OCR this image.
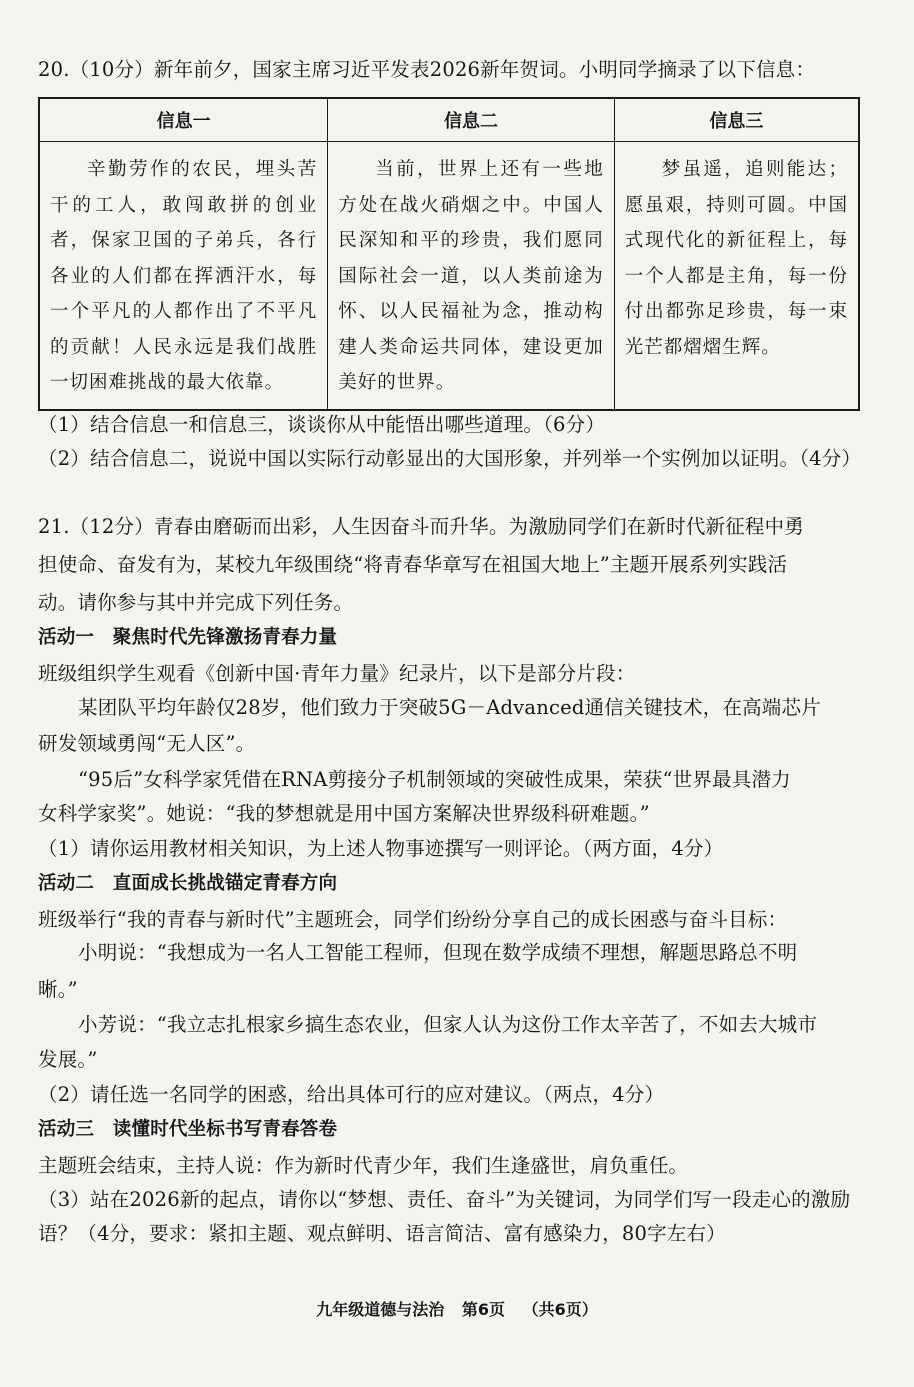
20.（10分）新年前夕，国家主席习近平发表2026新年贺词。小明同学摘录了以下信息：
信息一	信息二	信息三
辛勤劳作的农民，埋头苦干的工人，敢闯敢拼的创业者，保家卫国的子弟兵，各行各业的人们都在挥洒汗水，每一个平凡的人都作出了不平凡的贡献！人民永远是我们战胜一切困难挑战的最大依靠。	当前，世界上还有一些地方处在战火硝烟之中。中国人民深知和平的珍贵，我们愿同国际社会一道，以人类前途为怀、以人民福祉为念，推动构建人类命运共同体，建设更加美好的世界。	梦虽遥，追则能达；愿虽艰，持则可圆。中国式现代化的新征程上，每一个人都是主角，每一份付出都弥足珍贵，每一束光芒都熠熠生辉。
（1）结合信息一和信息三，谈谈你从中能悟出哪些道理。（6分）
（2）结合信息二，说说中国以实际行动彰显出的大国形象，并列举一个实例加以证明。（4分）
21.（12分）青春由磨砺而出彩，人生因奋斗而升华。为激励同学们在新时代新征程中勇
担使命、奋发有为，某校九年级围绕“将青春华章写在祖国大地上”主题开展系列实践活
动。请你参与其中并完成下列任务。
活动一　聚焦时代先锋激扬青春力量
班级组织学生观看《创新中国·青年力量》纪录片，以下是部分片段：
某团队平均年龄仅28岁，他们致力于突破5G－Advanced通信关键技术，在高端芯片
研发领域勇闯“无人区”。
“95后”女科学家凭借在RNA剪接分子机制领域的突破性成果，荣获“世界最具潜力
女科学家奖”。她说：“我的梦想就是用中国方案解决世界级科研难题。”
（1）请你运用教材相关知识，为上述人物事迹撰写一则评论。（两方面，4分）
活动二　直面成长挑战锚定青春方向
班级举行“我的青春与新时代”主题班会，同学们纷纷分享自己的成长困惑与奋斗目标：
小明说：“我想成为一名人工智能工程师，但现在数学成绩不理想，解题思路总不明
晰。”
小芳说：“我立志扎根家乡搞生态农业，但家人认为这份工作太辛苦了，不如去大城市
发展。”
（2）请任选一名同学的困惑，给出具体可行的应对建议。（两点，4分）
活动三　读懂时代坐标书写青春答卷
主题班会结束，主持人说：作为新时代青少年，我们生逢盛世，肩负重任。
（3）站在2026新的起点，请你以“梦想、责任、奋斗”为关键词，为同学们写一段走心的激励
语？（4分，要求：紧扣主题、观点鲜明、语言简洁、富有感染力，80字左右）
九年级道德与法治 第6页 （共6页）
